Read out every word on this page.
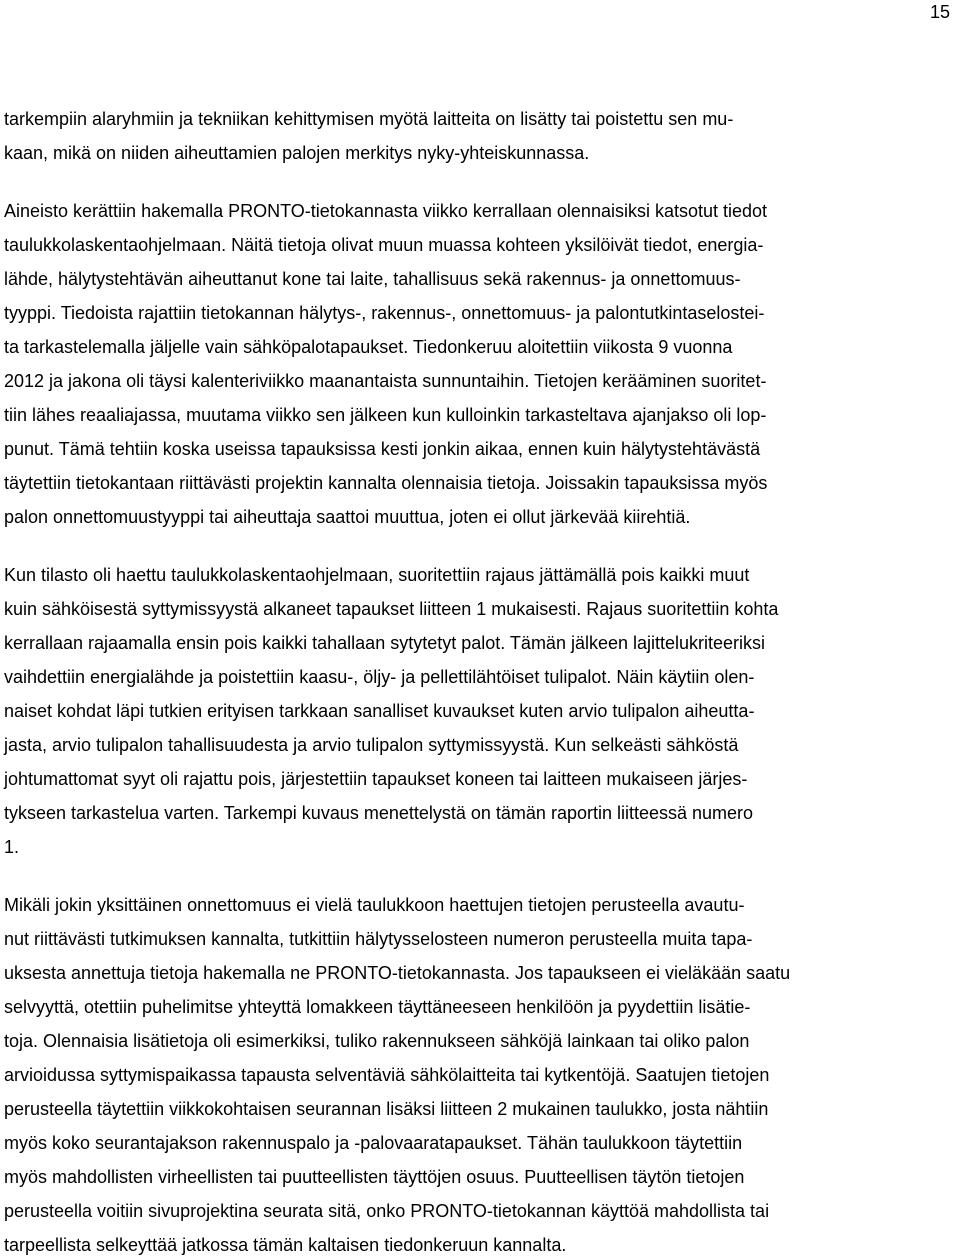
15
tarkempiin alaryhmiin ja tekniikan kehittymisen myötä laitteita on lisätty tai poistettu sen mu-
kaan, mikä on niiden aiheuttamien palojen merkitys nyky-yhteiskunnassa.
Aineisto kerättiin hakemalla PRONTO-tietokannasta viikko kerrallaan olennaisiksi katsotut tiedot
taulukkolaskentaohjelmaan. Näitä tietoja olivat muun muassa kohteen yksilöivät tiedot, energia-
lähde, hälytystehtävän aiheuttanut kone tai laite, tahallisuus sekä rakennus- ja onnettomuus-
tyyppi. Tiedoista rajattiin tietokannan hälytys-, rakennus-, onnettomuus- ja palontutkintaselostei-
ta tarkastelemalla jäljelle vain sähköpalotapaukset. Tiedonkeruu aloitettiin viikosta 9 vuonna
2012 ja jakona oli täysi kalenteriviikko maanantaista sunnuntaihin. Tietojen kerääminen suoritet-
tiin lähes reaaliajassa, muutama viikko sen jälkeen kun kulloinkin tarkasteltava ajanjakso oli lop-
punut. Tämä tehtiin koska useissa tapauksissa kesti jonkin aikaa, ennen kuin hälytystehtävästä
täytettiin tietokantaan riittävästi projektin kannalta olennaisia tietoja. Joissakin tapauksissa myös
palon onnettomuustyyppi tai aiheuttaja saattoi muuttua, joten ei ollut järkevää kiirehtiä.
Kun tilasto oli haettu taulukkolaskentaohjelmaan, suoritettiin rajaus jättämällä pois kaikki muut
kuin sähköisestä syttymissyystä alkaneet tapaukset liitteen 1 mukaisesti. Rajaus suoritettiin kohta
kerrallaan rajaamalla ensin pois kaikki tahallaan sytytetyt palot. Tämän jälkeen lajittelukriteeriksi
vaihdettiin energialähde ja poistettiin kaasu-, öljy- ja pellettilähtöiset tulipalot. Näin käytiin olen-
naiset kohdat läpi tutkien erityisen tarkkaan sanalliset kuvaukset kuten arvio tulipalon aiheutta-
jasta, arvio tulipalon tahallisuudesta ja arvio tulipalon syttymissyystä. Kun selkeästi sähköstä
johtumattomat syyt oli rajattu pois, järjestettiin tapaukset koneen tai laitteen mukaiseen järjes-
tykseen tarkastelua varten. Tarkempi kuvaus menettelystä on tämän raportin liitteessä numero
1.
Mikäli jokin yksittäinen onnettomuus ei vielä taulukkoon haettujen tietojen perusteella avautu-
nut riittävästi tutkimuksen kannalta, tutkittiin hälytysselosteen numeron perusteella muita tapa-
uksesta annettuja tietoja hakemalla ne PRONTO-tietokannasta. Jos tapaukseen ei vieläkään saatu
selvyyttä, otettiin puhelimitse yhteyttä lomakkeen täyttäneeseen henkilöön ja pyydettiin lisätie-
toja. Olennaisia lisätietoja oli esimerkiksi, tuliko rakennukseen sähköjä lainkaan tai oliko palon
arvioidussa syttymispaikassa tapausta selventäviä sähkölaitteita tai kytkentöjä. Saatujen tietojen
perusteella täytettiin viikkokohtaisen seurannan lisäksi liitteen 2 mukainen taulukko, josta nähtiin
myös koko seurantajakson rakennuspalo ja -palovaaratapaukset. Tähän taulukkoon täytettiin
myös mahdollisten virheellisten tai puutteellisten täyttöjen osuus. Puutteellisen täytön tietojen
perusteella voitiin sivuprojektina seurata sitä, onko PRONTO-tietokannan käyttöä mahdollista tai
tarpeellista selkeyttää jatkossa tämän kaltaisen tiedonkeruun kannalta.
